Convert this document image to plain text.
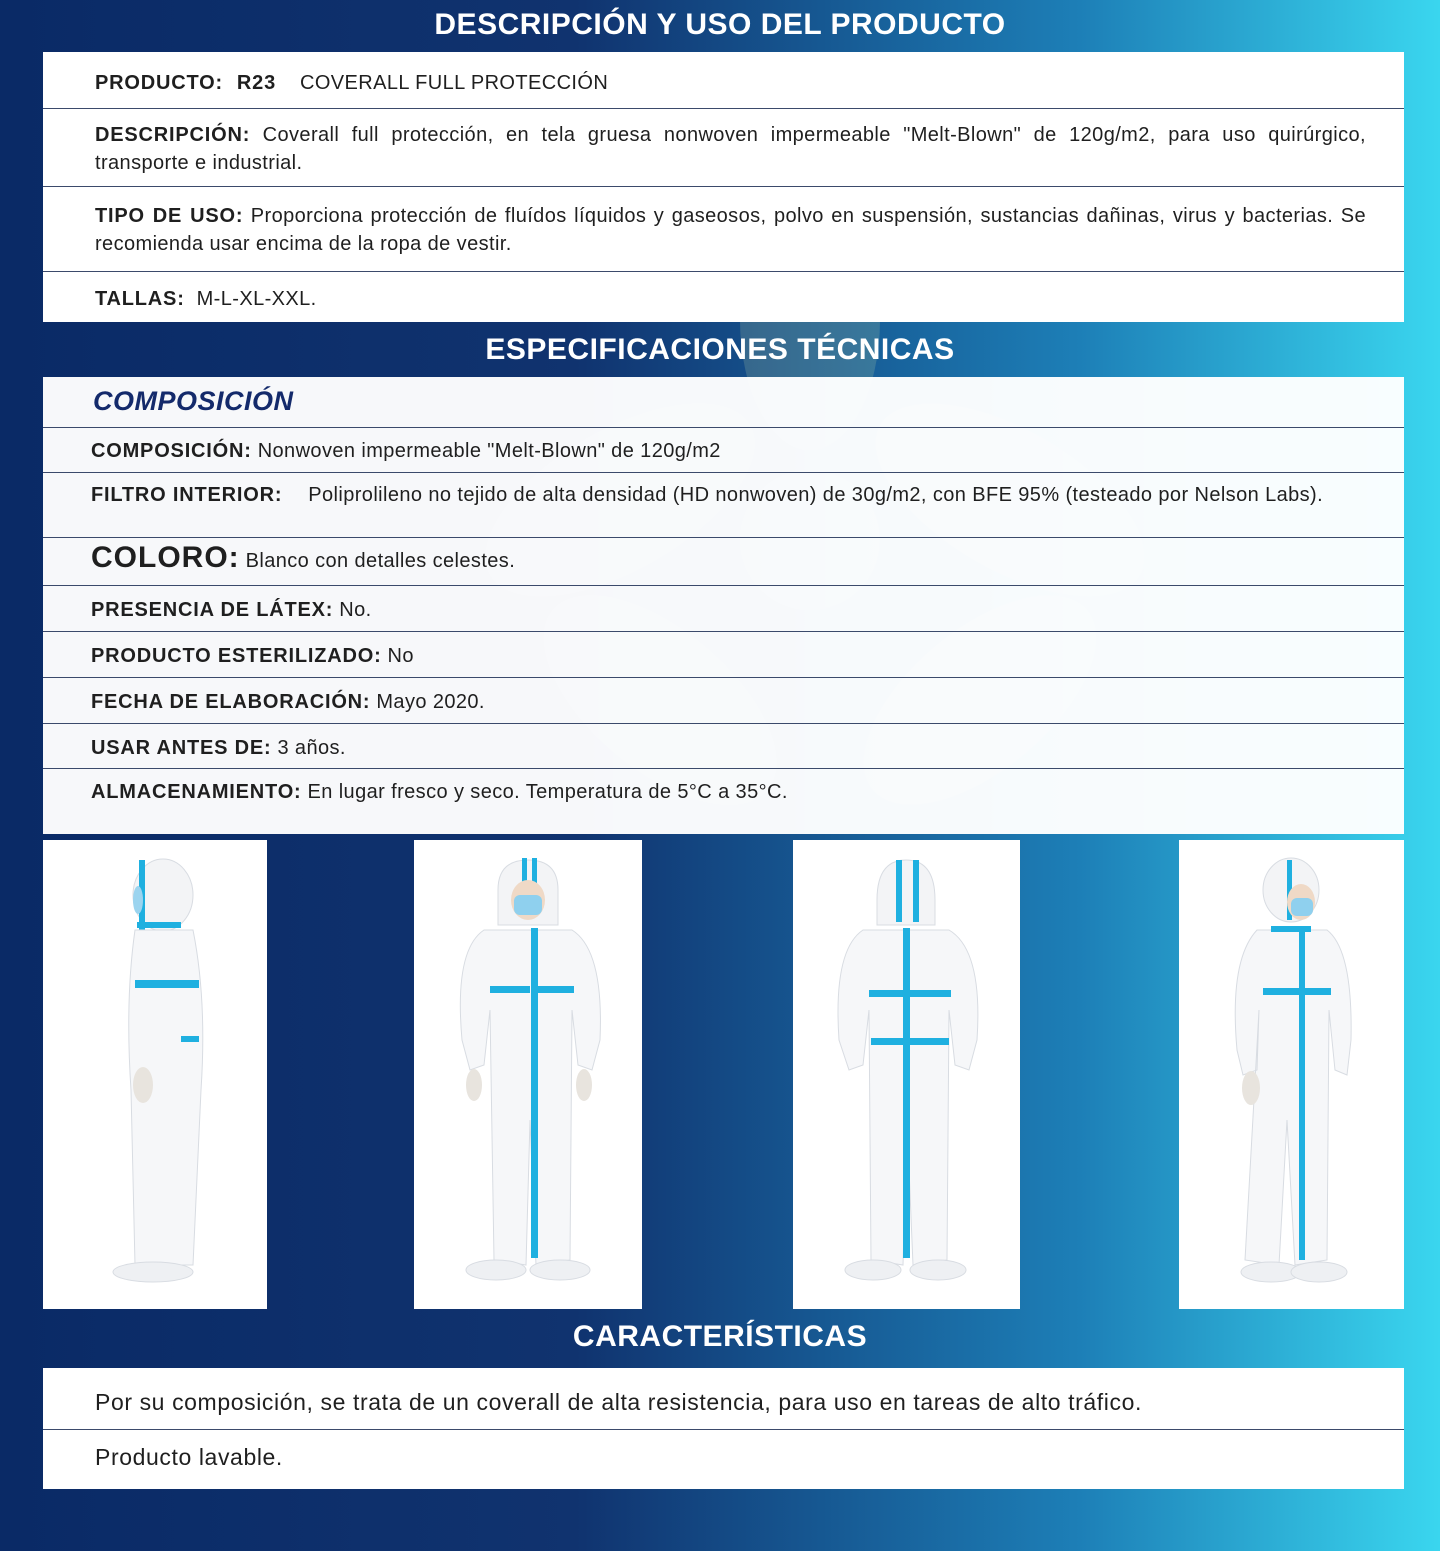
DESCRIPCIÓN Y USO DEL PRODUCTO
PRODUCTO: R23 COVERALL FULL PROTECCIÓN
DESCRIPCIÓN: Coverall full protección, en tela gruesa nonwoven impermeable "Melt-Blown" de 120g/m2, para uso quirúrgico, transporte e industrial.
TIPO DE USO: Proporciona protección de fluídos líquidos y gaseosos, polvo en suspensión, sustancias dañinas, virus y bacterias. Se recomienda usar encima de la ropa de vestir.
TALLAS: M-L-XL-XXL.
ESPECIFICACIONES TÉCNICAS
COMPOSICIÓN
COMPOSICIÓN: Nonwoven impermeable "Melt-Blown" de 120g/m2
FILTRO INTERIOR: Poliprolileno no tejido de alta densidad (HD nonwoven) de 30g/m2, con BFE 95% (testeado por Nelson Labs).
COLORO: Blanco con detalles celestes.
PRESENCIA DE LÁTEX: No.
PRODUCTO ESTERILIZADO: No
FECHA DE ELABORACIÓN: Mayo 2020.
USAR ANTES DE: 3 años.
ALMACENAMIENTO: En lugar fresco y seco. Temperatura de 5°C a 35°C.
CARACTERÍSTICAS
Por su composición, se trata de un coverall de alta resistencia, para uso en tareas de alto tráfico.
Producto lavable.
